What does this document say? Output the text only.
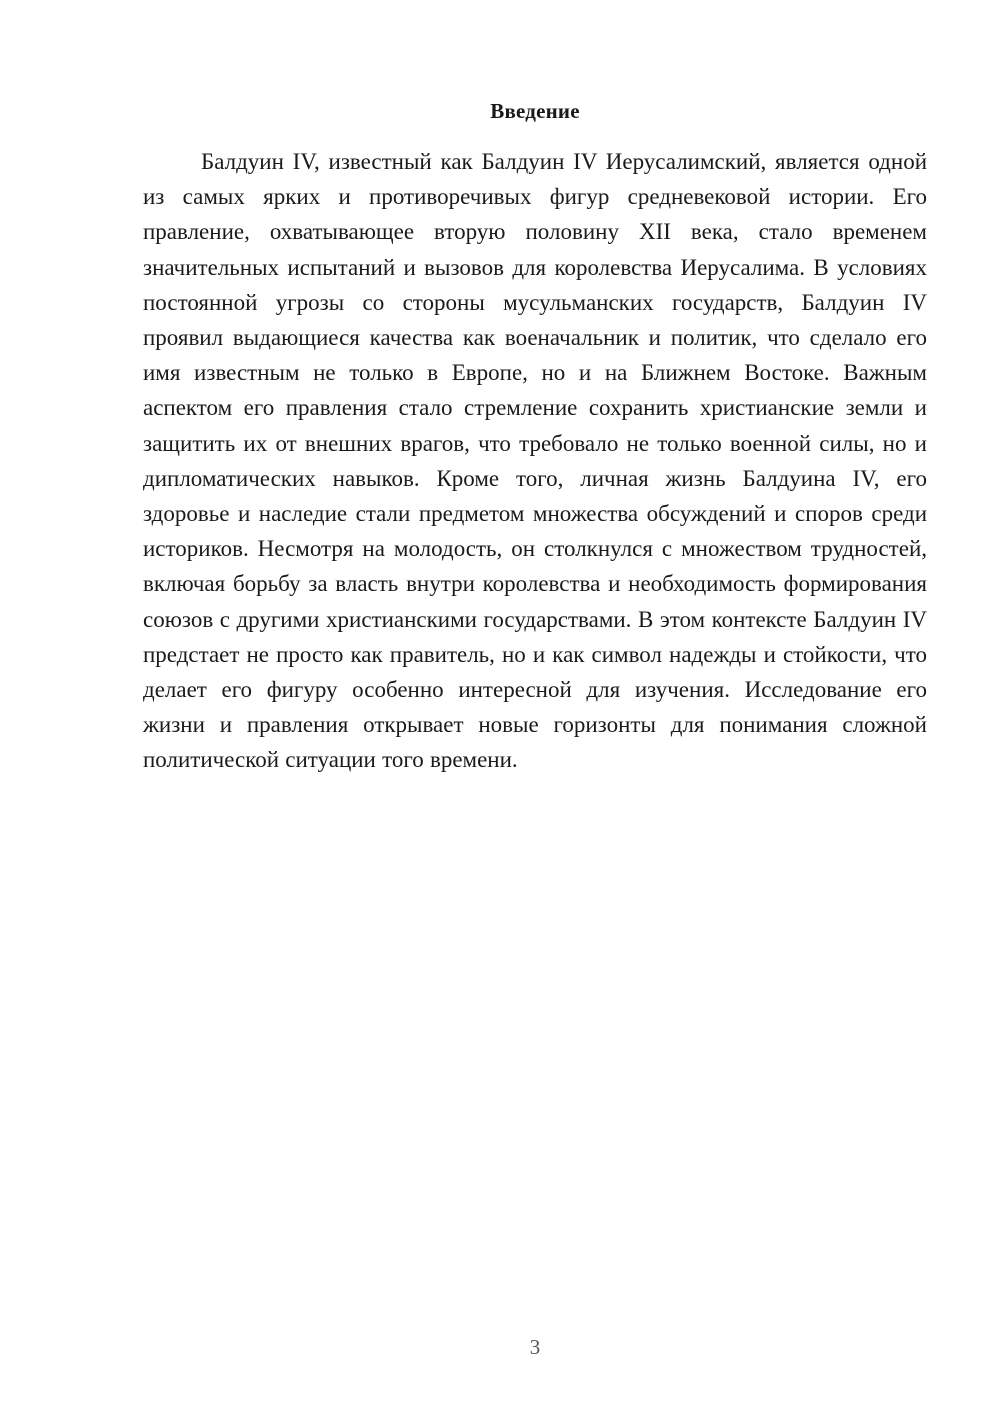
Введение

Балдуин IV, известный как Балдуин IV Иерусалимский, является одной из самых ярких и противоречивых фигур средневековой истории. Его правление, охватывающее вторую половину XII века, стало временем значительных испытаний и вызовов для королевства Иерусалима. В условиях постоянной угрозы со стороны мусульманских государств, Балдуин IV проявил выдающиеся качества как военачальник и политик, что сделало его имя известным не только в Европе, но и на Ближнем Востоке. Важным аспектом его правления стало стремление сохранить христианские земли и защитить их от внешних врагов, что требовало не только военной силы, но и дипломатических навыков. Кроме того, личная жизнь Балдуина IV, его здоровье и наследие стали предметом множества обсуждений и споров среди историков. Несмотря на молодость, он столкнулся с множеством трудностей, включая борьбу за власть внутри королевства и необходимость формирования союзов с другими христианскими государствами. В этом контексте Балдуин IV предстает не просто как правитель, но и как символ надежды и стойкости, что делает его фигуру особенно интересной для изучения. Исследование его жизни и правления открывает новые горизонты для понимания сложной политической ситуации того времени.

3
